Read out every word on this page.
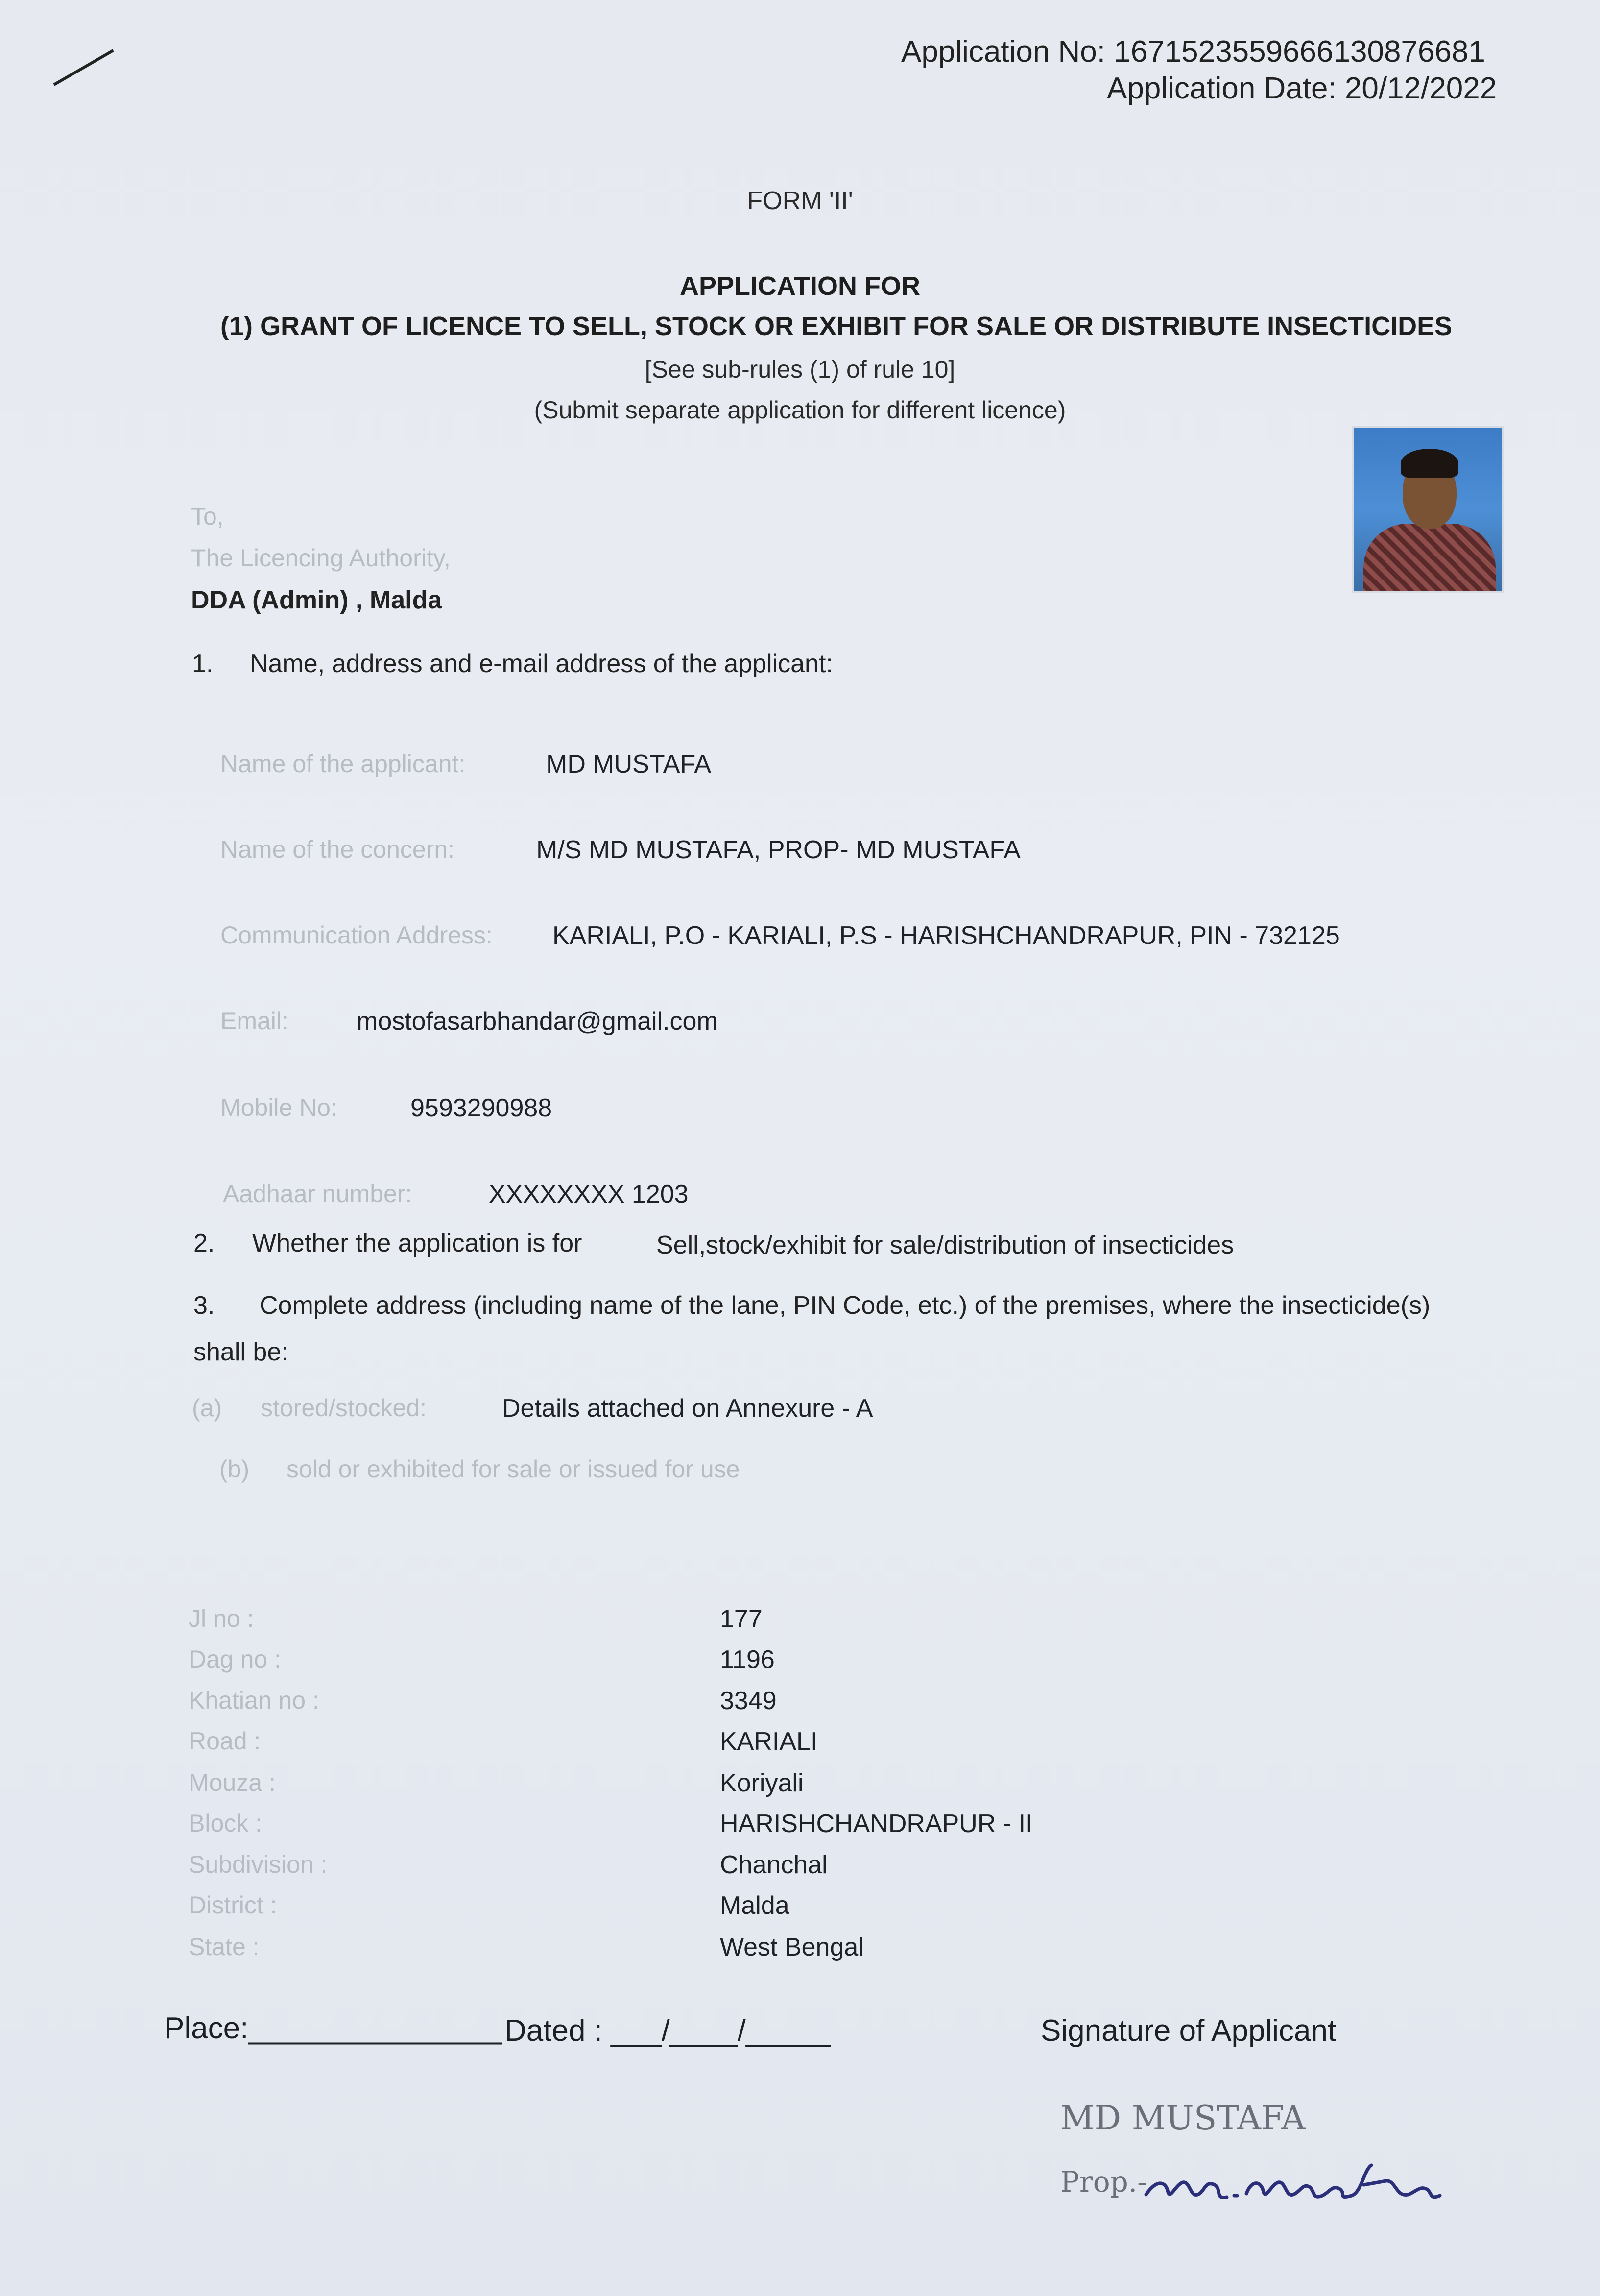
Application No: 1671523559666130876681
Application Date: 20/12/2022
FORM 'II'
APPLICATION FOR
(1) GRANT OF LICENCE TO SELL, STOCK OR EXHIBIT FOR SALE OR DISTRIBUTE INSECTICIDES
[See sub-rules (1) of rule 10]
(Submit separate application for different licence)
To,
The Licencing Authority,
DDA (Admin) , Malda
1. Name, address and e-mail address of the applicant:
Name of the applicant:	MD MUSTAFA
Name of the concern:	M/S MD MUSTAFA, PROP- MD MUSTAFA
Communication Address: KARIALI, P.O - KARIALI, P.S - HARISHCHANDRAPUR, PIN - 732125
Email:	mostofasarbhandar@gmail.com
Mobile No:	9593290988
Aadhaar number:	XXXXXXXX 1203
2. Whether the application is for	Sell,stock/exhibit for sale/distribution of insecticides
3. Complete address (including name of the lane, PIN Code, etc.) of the premises, where the insecticide(s)
shall be:
(a) stored/stocked:	Details attached on Annexure - A
(b) sold or exhibited for sale or issued for use
Jl no :	177
Dag no :	1196
Khatian no :	3349
Road :	KARIALI
Mouza :	Koriyali
Block :	HARISHCHANDRAPUR - II
Subdivision :	Chanchal
District :	Malda
State :	West Bengal
Place:_______________ Dated : ___/____/_____	Signature of Applicant
MD MUSTAFA
Prop.-
